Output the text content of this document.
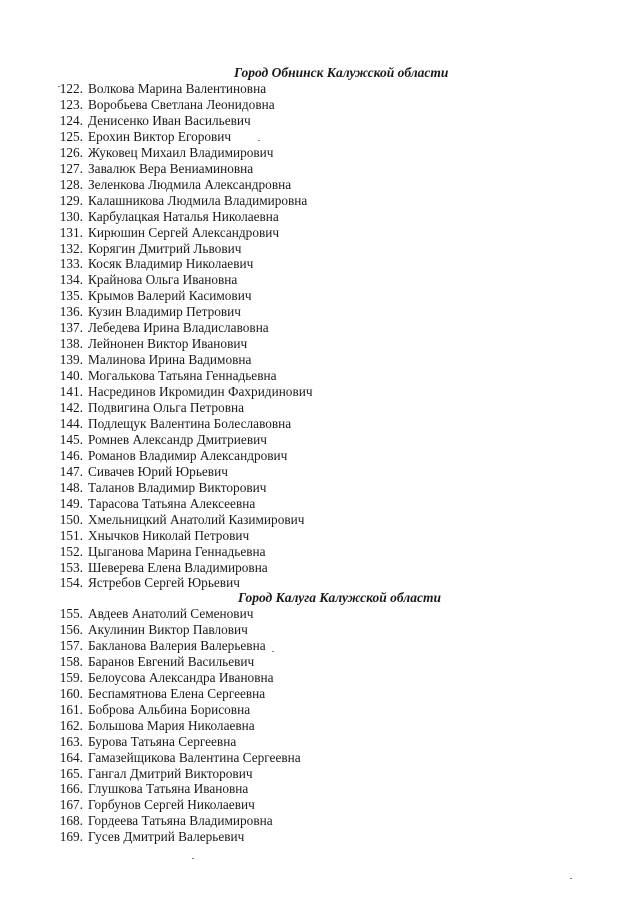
Город Обнинск Калужской области
122. Волкова Марина Валентиновна
123. Воробьева Светлана Леонидовна
124. Денисенко Иван Васильевич
125. Ерохин Виктор Егорович
126. Жуковец Михаил Владимирович
127. Завалюк Вера Вениаминовна
128. Зеленкова Людмила Александровна
129. Калашникова Людмила Владимировна
130. Карбулацкая Наталья Николаевна
131. Кирюшин Сергей Александрович
132. Корягин Дмитрий Львович
133. Косяк Владимир Николаевич
134. Крайнова Ольга Ивановна
135. Крымов Валерий Касимович
136. Кузин Владимир Петрович
137. Лебедева Ирина Владиславовна
138. Лейнонен Виктор Иванович
139. Малинова Ирина Вадимовна
140. Могалькова Татьяна Геннадьевна
141. Насрединов Икромидин Фахридинович
142. Подвигина Ольга Петровна
144. Подлещук Валентина Болеславовна
145. Ромнев Александр Дмитриевич
146. Романов Владимир Александрович
147. Сивачев Юрий Юрьевич
148. Таланов Владимир Викторович
149. Тарасова Татьяна Алексеевна
150. Хмельницкий Анатолий Казимирович
151. Хнычков Николай Петрович
152. Цыганова Марина Геннадьевна
153. Шеверева Елена Владимировна
154. Ястребов Сергей Юрьевич
Город Калуга Калужской области
155. Авдеев Анатолий Семенович
156. Акулинин Виктор Павлович
157. Бакланова Валерия Валерьевна
158. Баранов Евгений Васильевич
159. Белоусова Александра Ивановна
160. Беспамятнова Елена Сергеевна
161. Боброва Альбина Борисовна
162. Большова Мария Николаевна
163. Бурова Татьяна Сергеевна
164. Гамазейщикова Валентина Сергеевна
165. Гангал Дмитрий Викторович
166. Глушкова Татьяна Ивановна
167. Горбунов Сергей Николаевич
168. Гордеева Татьяна Владимировна
169. Гусев Дмитрий Валерьевич
